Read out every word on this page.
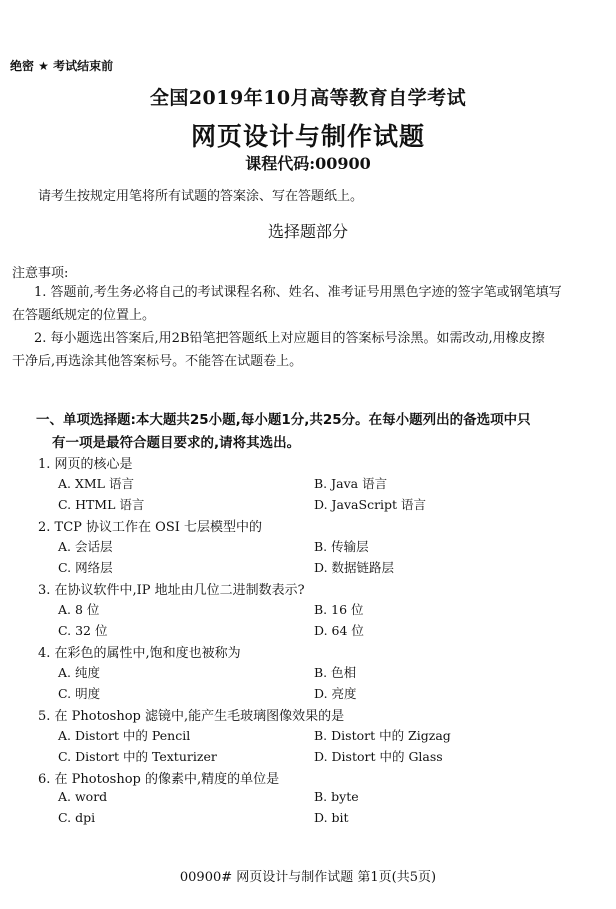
绝密 ★ 考试结束前
全国2019年10月高等教育自学考试
网页设计与制作试题
课程代码:00900
请考生按规定用笔将所有试题的答案涂、写在答题纸上。
选择题部分
注意事项:
1. 答题前,考生务必将自己的考试课程名称、姓名、准考证号用黑色字迹的签字笔或钢笔填写
在答题纸规定的位置上。
2. 每小题选出答案后,用2B铅笔把答题纸上对应题目的答案标号涂黑。如需改动,用橡皮擦
干净后,再选涂其他答案标号。不能答在试题卷上。
一、单项选择题:本大题共25小题,每小题1分,共25分。在每小题列出的备选项中只
有一项是最符合题目要求的,请将其选出。
1. 网页的核心是
A. XML 语言	B. Java 语言
C. HTML 语言	D. JavaScript 语言
2. TCP 协议工作在 OSI 七层模型中的
A. 会话层	B. 传输层
C. 网络层	D. 数据链路层
3. 在协议软件中,IP 地址由几位二进制数表示?
A. 8 位	B. 16 位
C. 32 位	D. 64 位
4. 在彩色的属性中,饱和度也被称为
A. 纯度	B. 色相
C. 明度	D. 亮度
5. 在 Photoshop 滤镜中,能产生毛玻璃图像效果的是
A. Distort 中的 Pencil	B. Distort 中的 Zigzag
C. Distort 中的 Texturizer	D. Distort 中的 Glass
6. 在 Photoshop 的像素中,精度的单位是
A. word	B. byte
C. dpi	D. bit
00900# 网页设计与制作试题 第1页(共5页)
